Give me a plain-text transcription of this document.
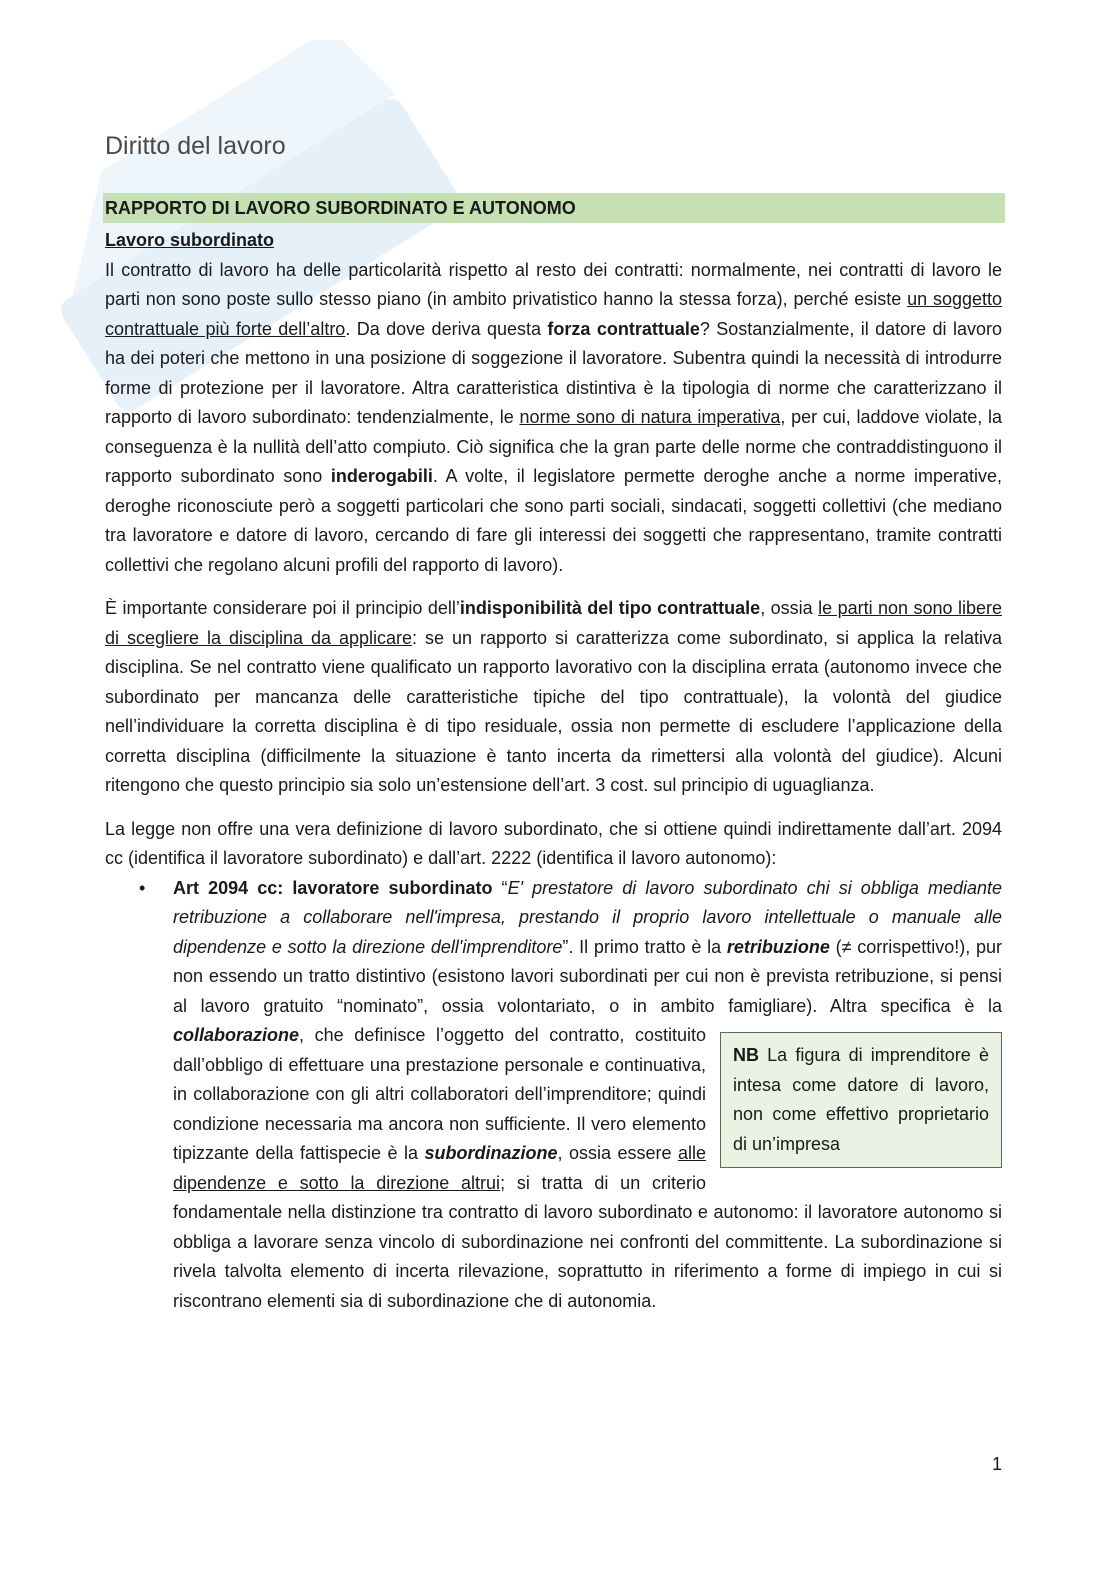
Diritto del lavoro
RAPPORTO DI LAVORO SUBORDINATO E AUTONOMO
Lavoro subordinato

Il contratto di lavoro ha delle particolarità rispetto al resto dei contratti: normalmente, nei contratti di lavoro le parti non sono poste sullo stesso piano (in ambito privatistico hanno la stessa forza), perché esiste un soggetto contrattuale più forte dell’altro. Da dove deriva questa forza contrattuale? Sostanzialmente, il datore di lavoro ha dei poteri che mettono in una posizione di soggezione il lavoratore. Subentra quindi la necessità di introdurre forme di protezione per il lavoratore. Altra caratteristica distintiva è la tipologia di norme che caratterizzano il rapporto di lavoro subordinato: tendenzialmente, le norme sono di natura imperativa, per cui, laddove violate, la conseguenza è la nullità dell’atto compiuto. Ciò significa che la gran parte delle norme che contraddistinguono il rapporto subordinato sono inderogabili. A volte, il legislatore permette deroghe anche a norme imperative, deroghe riconosciute però a soggetti particolari che sono parti sociali, sindacati, soggetti collettivi (che mediano tra lavoratore e datore di lavoro, cercando di fare gli interessi dei soggetti che rappresentano, tramite contratti collettivi che regolano alcuni profili del rapporto di lavoro).

È importante considerare poi il principio dell’indisponibilità del tipo contrattuale, ossia le parti non sono libere di scegliere la disciplina da applicare: se un rapporto si caratterizza come subordinato, si applica la relativa disciplina. Se nel contratto viene qualificato un rapporto lavorativo con la disciplina errata (autonomo invece che subordinato per mancanza delle caratteristiche tipiche del tipo contrattuale), la volontà del giudice nell’individuare la corretta disciplina è di tipo residuale, ossia non permette di escludere l’applicazione della corretta disciplina (difficilmente la situazione è tanto incerta da rimettersi alla volontà del giudice). Alcuni ritengono che questo principio sia solo un’estensione dell’art. 3 cost. sul principio di uguaglianza.

La legge non offre una vera definizione di lavoro subordinato, che si ottiene quindi indirettamente dall’art. 2094 cc (identifica il lavoratore subordinato) e dall’art. 2222 (identifica il lavoro autonomo):

• Art 2094 cc: lavoratore subordinato “E' prestatore di lavoro subordinato chi si obbliga mediante retribuzione a collaborare nell'impresa, prestando il proprio lavoro intellettuale o manuale alle dipendenze e sotto la direzione dell'imprenditore”. Il primo tratto è la retribuzione (≠ corrispettivo!), pur non essendo un tratto distintivo (esistono lavori subordinati per cui non è prevista retribuzione, si pensi al lavoro gratuito “nominato”, ossia volontariato, o in ambito famigliare). Altra specifica è la
NB La figura di imprenditore è intesa come datore di lavoro, non come effettivo proprietario di un’impresa
collaborazione, che definisce l’oggetto del contratto, costituito dall’obbligo di effettuare una prestazione personale e continuativa, in collaborazione con gli altri collaboratori dell’imprenditore; quindi condizione necessaria ma ancora non sufficiente. Il vero elemento tipizzante della fattispecie è la subordinazione, ossia essere alle dipendenze e sotto la direzione altrui; si tratta di un criterio fondamentale nella distinzione tra contratto di lavoro subordinato e autonomo: il lavoratore autonomo si obbliga a lavorare senza vincolo di subordinazione nei confronti del committente. La subordinazione si rivela talvolta elemento di incerta rilevazione, soprattutto in riferimento a forme di impiego in cui si riscontrano elementi sia di subordinazione che di autonomia.
1
